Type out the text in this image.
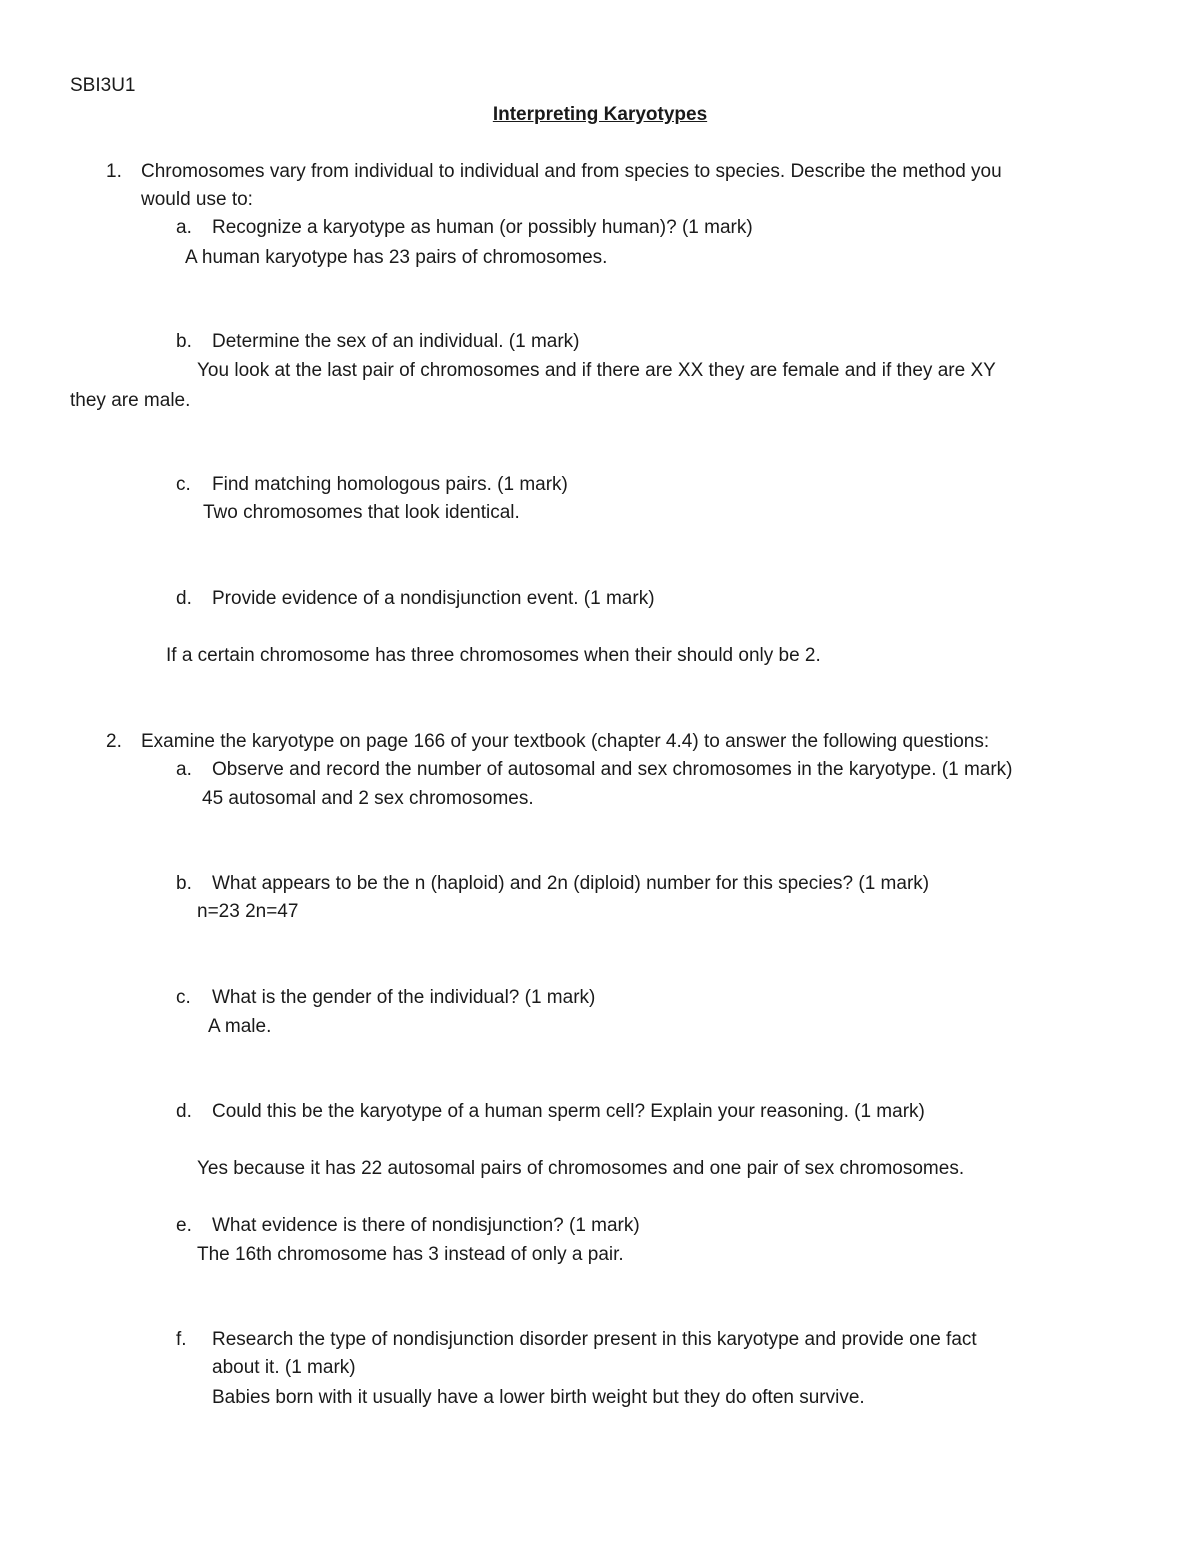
SBI3U1
Interpreting Karyotypes
1. Chromosomes vary from individual to individual and from species to species. Describe the method you
would use to:
a. Recognize a karyotype as human (or possibly human)? (1 mark)
A human karyotype has 23 pairs of chromosomes.
b. Determine the sex of an individual. (1 mark)
You look at the last pair of chromosomes and if there are XX they are female and if they are XY
they are male.
c. Find matching homologous pairs. (1 mark)
Two chromosomes that look identical.
d. Provide evidence of a nondisjunction event. (1 mark)
If a certain chromosome has three chromosomes when their should only be 2.
2. Examine the karyotype on page 166 of your textbook (chapter 4.4) to answer the following questions:
a. Observe and record the number of autosomal and sex chromosomes in the karyotype. (1 mark)
45 autosomal and 2 sex chromosomes.
b. What appears to be the n (haploid) and 2n (diploid) number for this species? (1 mark)
n=23 2n=47
c. What is the gender of the individual? (1 mark)
A male.
d. Could this be the karyotype of a human sperm cell? Explain your reasoning. (1 mark)
Yes because it has 22 autosomal pairs of chromosomes and one pair of sex chromosomes.
e. What evidence is there of nondisjunction? (1 mark)
The 16th chromosome has 3 instead of only a pair.
f. Research the type of nondisjunction disorder present in this karyotype and provide one fact
about it. (1 mark)
Babies born with it usually have a lower birth weight but they do often survive.
